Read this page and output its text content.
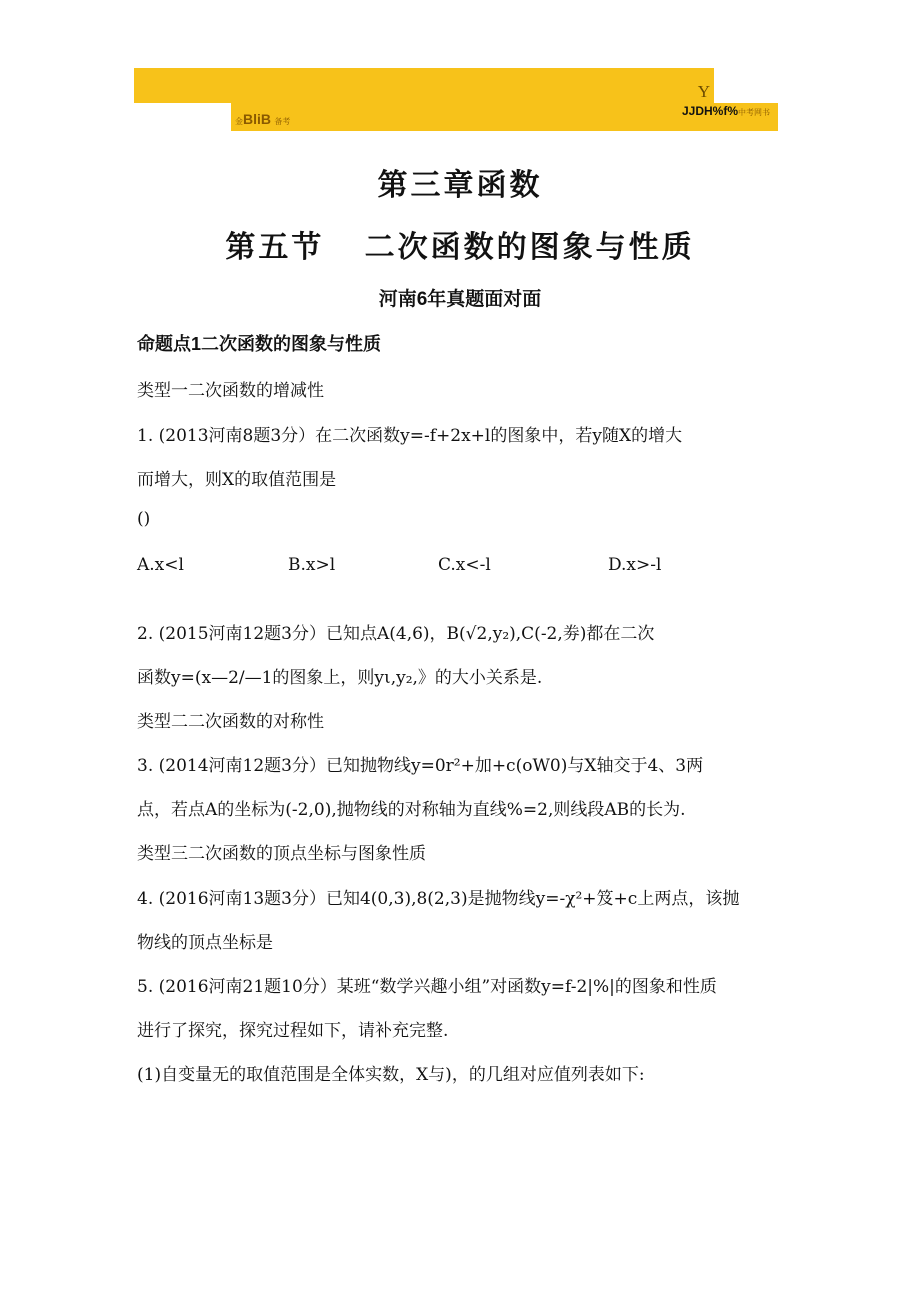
Y
金BliB 备考
JJDH%f%中考网书
第三章函数
第五节   二次函数的图象与性质
河南6年真题面对面
命题点1二次函数的图象与性质
类型一二次函数的增减性
1. (2013河南8题3分）在二次函数y=-f+2x+l的图象中，若y随X的增大
而增大，则X的取值范围是
()
A.x<l	B.x>l	C.x<-l	D.x>-l
2. (2015河南12题3分）已知点A(4,6)，B(√2,y₂),C(-2,劵)都在二次
函数y=(x—2/—1的图象上，则yι,y₂,》的大小关系是.
类型二二次函数的对称性
3. (2014河南12题3分）已知抛物线y=0r²+加+c(oW0)与X轴交于4、3两
点，若点A的坐标为(-2,0),抛物线的对称轴为直线%=2,则线段AB的长为.
类型三二次函数的顶点坐标与图象性质
4. (2016河南13题3分）已知4(0,3),8(2,3)是抛物线y=-χ²+笈+c上两点，该抛
物线的顶点坐标是
5. (2016河南21题10分）某班“数学兴趣小组”对函数y=f-2|%|的图象和性质
进行了探究，探究过程如下，请补充完整.
(1)自变量无的取值范围是全体实数，X与)，的几组对应值列表如下:
